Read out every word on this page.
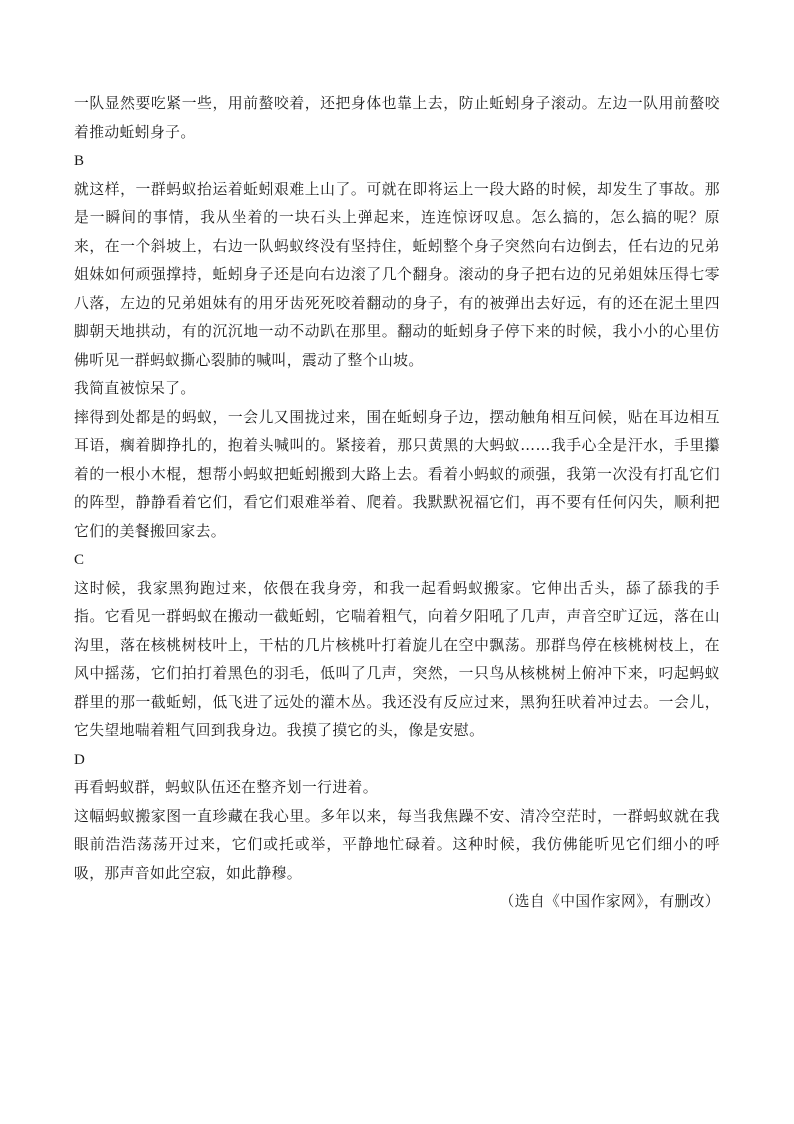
一队显然要吃紧一些，用前螯咬着，还把身体也靠上去，防止蚯蚓身子滚动。左边一队用前螯咬着推动蚯蚓身子。

B

就这样，一群蚂蚁抬运着蚯蚓艰难上山了。可就在即将运上一段大路的时候，却发生了事故。那是一瞬间的事情，我从坐着的一块石头上弹起来，连连惊讶叹息。怎么搞的，怎么搞的呢？原来，在一个斜坡上，右边一队蚂蚁终没有坚持住，蚯蚓整个身子突然向右边倒去，任右边的兄弟姐妹如何顽强撑持，蚯蚓身子还是向右边滚了几个翻身。滚动的身子把右边的兄弟姐妹压得七零八落，左边的兄弟姐妹有的用牙齿死死咬着翻动的身子，有的被弹出去好远，有的还在泥土里四脚朝天地拱动，有的沉沉地一动不动趴在那里。翻动的蚯蚓身子停下来的时候，我小小的心里仿佛听见一群蚂蚁撕心裂肺的喊叫，震动了整个山坡。

我简直被惊呆了。

摔得到处都是的蚂蚁，一会儿又围拢过来，围在蚯蚓身子边，摆动触角相互问候，贴在耳边相互耳语，瘸着脚挣扎的，抱着头喊叫的。紧接着，那只黄黑的大蚂蚁……我手心全是汗水，手里攥着的一根小木棍，想帮小蚂蚁把蚯蚓搬到大路上去。看着小蚂蚁的顽强，我第一次没有打乱它们的阵型，静静看着它们，看它们艰难举着、爬着。我默默祝福它们，再不要有任何闪失，顺利把它们的美餐搬回家去。

C

这时候，我家黑狗跑过来，依偎在我身旁，和我一起看蚂蚁搬家。它伸出舌头，舔了舔我的手指。它看见一群蚂蚁在搬动一截蚯蚓，它喘着粗气，向着夕阳吼了几声，声音空旷辽远，落在山沟里，落在核桃树枝叶上，干枯的几片核桃叶打着旋儿在空中飘荡。那群鸟停在核桃树枝上，在风中摇荡，它们拍打着黑色的羽毛，低叫了几声，突然，一只鸟从核桃树上俯冲下来，叼起蚂蚁群里的那一截蚯蚓，低飞进了远处的灌木丛。我还没有反应过来，黑狗狂吠着冲过去。一会儿，它失望地喘着粗气回到我身边。我摸了摸它的头，像是安慰。

D

再看蚂蚁群，蚂蚁队伍还在整齐划一行进着。

这幅蚂蚁搬家图一直珍藏在我心里。多年以来，每当我焦躁不安、清冷空茫时，一群蚂蚁就在我眼前浩浩荡荡开过来，它们或托或举，平静地忙碌着。这种时候，我仿佛能听见它们细小的呼吸，那声音如此空寂，如此静穆。

（选自《中国作家网》，有删改）
